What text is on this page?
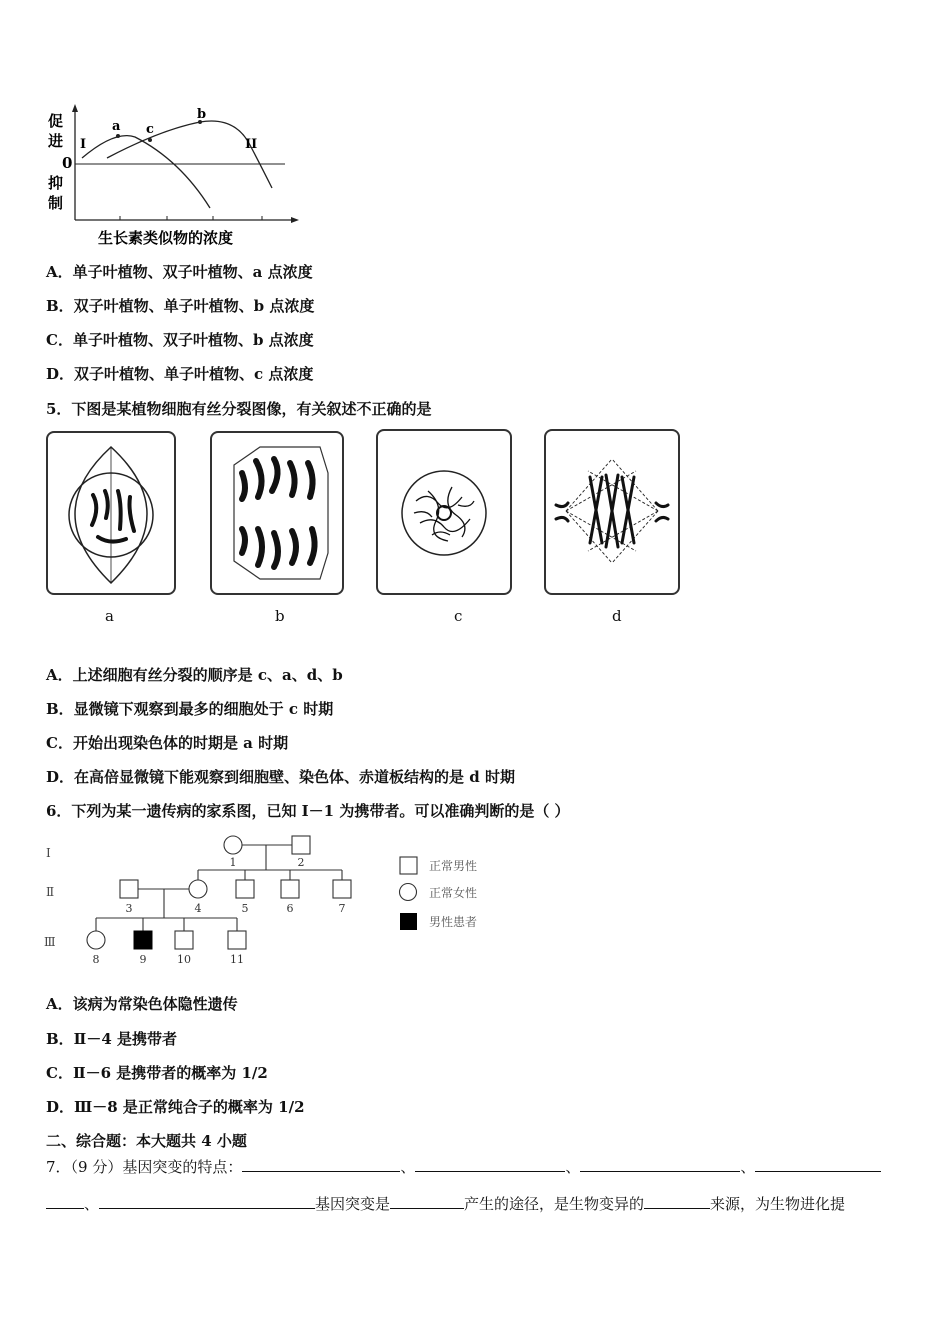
促
进
抑
制
0
I	II
a
b
c
生长素类似物的浓度
A．单子叶植物、双子叶植物、a 点浓度
B．双子叶植物、单子叶植物、b 点浓度
C．单子叶植物、双子叶植物、b 点浓度
D．双子叶植物、单子叶植物、c 点浓度
5．下图是某植物细胞有丝分裂图像，有关叙述不正确的是
a	b	c	d
A．上述细胞有丝分裂的顺序是 c、a、d、b
B．显微镜下观察到最多的细胞处于 c 时期
C．开始出现染色体的时期是 a 时期
D．在高倍显微镜下能观察到细胞壁、染色体、赤道板结构的是 d 时期
6．下列为某一遗传病的家系图，已知 Ⅰ－1 为携带者。可以准确判断的是（ ）
Ⅰ
Ⅱ
Ⅲ
1	2
3	4	5	6	7
8	9	10	11
正常男性
正常女性
男性患者
A．该病为常染色体隐性遗传
B．Ⅱ－4 是携带者
C．Ⅱ－6 是携带者的概率为 1/2
D．Ⅲ－8 是正常纯合子的概率为 1/2
二、综合题：本大题共 4 小题
7．（9 分）基因突变的特点：	、	、	、
、	基因突变是	产生的途径，是生物变异的	来源，为生物进化提
